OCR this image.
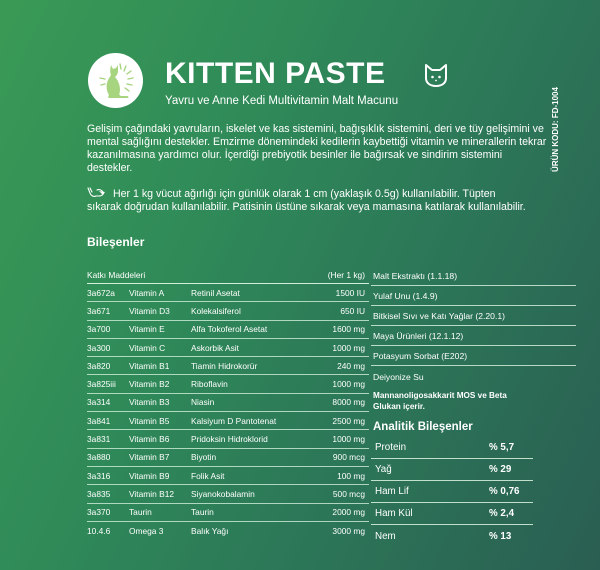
KITTEN PASTE
Yavru ve Anne Kedi Multivitamin Malt Macunu	ÜRÜN KODU: FD-1004
Gelişim çağındaki yavruların, iskelet ve kas sistemini, bağışıklık sistemini, deri ve tüy gelişimini ve mental sağlığını destekler. Emzirme dönemindeki kedilerin kaybettiği vitamin ve minerallerin tekrar kazanılmasına yardımcı olur. İçerdiği prebiyotik besinler ile bağırsak ve sindirim sistemini destekler.
Her 1 kg vücut ağırlığı için günlük olarak 1 cm (yaklaşık 0.5g) kullanılabilir. Tüpten sıkarak doğrudan kullanılabilir. Patisinin üstüne sıkarak veya mamasına katılarak kullanılabilir.
Bileşenler
Katkı Maddeleri	(Her 1 kg)
3a672a	Vitamin A	Retinil Asetat	1500 IU
3a671	Vitamin D3	Kolekalsiferol	650 IU
3a700	Vitamin E	Alfa Tokoferol Asetat	1600 mg
3a300	Vitamin C	Askorbik Asit	1000 mg
3a820	Vitamin B1	Tiamin Hidrokorür	240 mg
3a825iii	Vitamin B2	Riboflavin	1000 mg
3a314	Vitamin B3	Niasin	8000 mg
3a841	Vitamin B5	Kalsiyum D Pantotenat	2500 mg
3a831	Vitamin B6	Pridoksin Hidroklorid	1000 mg
3a880	Vitamin B7	Biyotin	900 mcg
3a316	Vitamin B9	Folik Asit	100 mg
3a835	Vitamin B12	Siyanokobalamin	500 mcg
3a370	Taurin	Taurin	2000 mg
10.4.6	Omega 3	Balık Yağı	3000 mg
Malt Ekstraktı (1.1.18)
Yulaf Unu (1.4.9)
Bitkisel Sıvı ve Katı Yağlar (2.20.1)
Maya Ürünleri (12.1.12)
Potasyum Sorbat (E202)
Deiyonize Su
Mannanoligosakkarit MOS ve Beta Glukan içerir.
Analitik Bileşenler
Protein	% 5,7
Yağ	% 29
Ham Lif	% 0,76
Ham Kül	% 2,4
Nem	% 13
